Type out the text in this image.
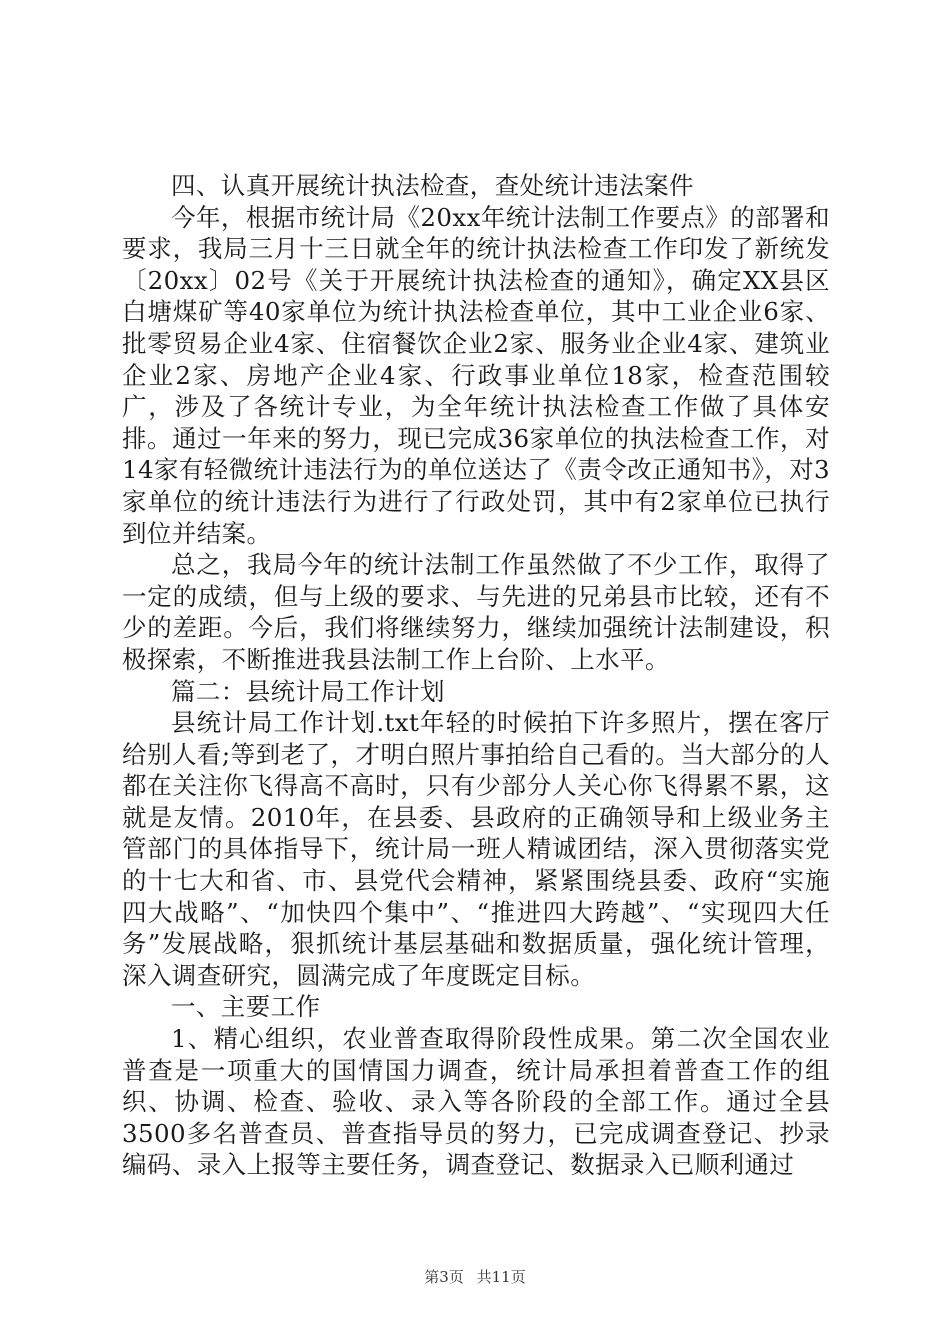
四、认真开展统计执法检查，查处统计违法案件

今年，根据市统计局《20xx年统计法制工作要点》的部署和要求，我局三月十三日就全年的统计执法检查工作印发了新统发〔20xx〕02号《关于开展统计执法检查的通知》，确定XX县区白塘煤矿等40家单位为统计执法检查单位，其中工业企业6家、批零贸易企业4家、住宿餐饮企业2家、服务业企业4家、建筑业企业2家、房地产企业4家、行政事业单位18家，检查范围较广，涉及了各统计专业，为全年统计执法检查工作做了具体安排。通过一年来的努力，现已完成36家单位的执法检查工作，对14家有轻微统计违法行为的单位送达了《责令改正通知书》，对3家单位的统计违法行为进行了行政处罚，其中有2家单位已执行到位并结案。

总之，我局今年的统计法制工作虽然做了不少工作，取得了一定的成绩，但与上级的要求、与先进的兄弟县市比较，还有不少的差距。今后，我们将继续努力，继续加强统计法制建设，积极探索，不断推进我县法制工作上台阶、上水平。

篇二：县统计局工作计划

县统计局工作计划.txt年轻的时候拍下许多照片，摆在客厅给别人看;等到老了，才明白照片事拍给自己看的。当大部分的人都在关注你飞得高不高时，只有少部分人关心你飞得累不累，这就是友情。2010年，在县委、县政府的正确领导和上级业务主管部门的具体指导下，统计局一班人精诚团结，深入贯彻落实党的十七大和省、市、县党代会精神，紧紧围绕县委、政府“实施四大战略”、“加快四个集中”、“推进四大跨越”、“实现四大任务”发展战略，狠抓统计基层基础和数据质量，强化统计管理，深入调查研究，圆满完成了年度既定目标。

一、主要工作

1、精心组织，农业普查取得阶段性成果。第二次全国农业普查是一项重大的国情国力调查，统计局承担着普查工作的组织、协调、检查、验收、录入等各阶段的全部工作。通过全县3500多名普查员、普查指导员的努力，已完成调查登记、抄录编码、录入上报等主要任务，调查登记、数据录入已顺利通过

第3页 共11页
